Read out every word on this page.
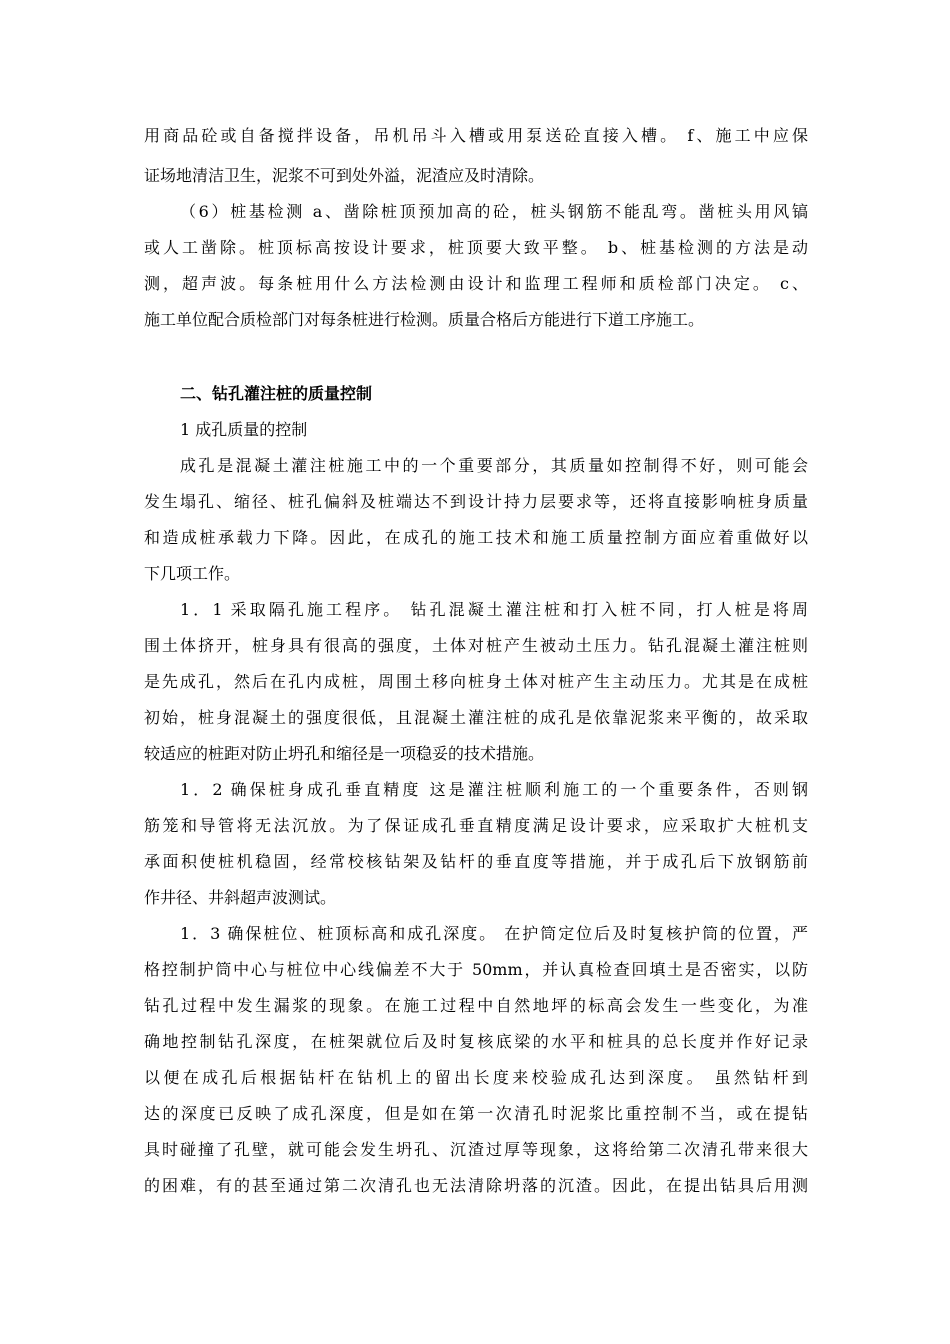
用商品砼或自备搅拌设备，吊机吊斗入槽或用泵送砼直接入槽。 f、施工中应保
证场地清洁卫生，泥浆不可到处外溢，泥渣应及时清除。
（6）桩基检测 a、凿除桩顶预加高的砼，桩头钢筋不能乱弯。凿桩头用风镐
或人工凿除。桩顶标高按设计要求，桩顶要大致平整。 b、桩基检测的方法是动
测，超声波。每条桩用什么方法检测由设计和监理工程师和质检部门决定。 c、
施工单位配合质检部门对每条桩进行检测。质量合格后方能进行下道工序施工。
二、钻孔灌注桩的质量控制
1 成孔质量的控制
成孔是混凝土灌注桩施工中的一个重要部分，其质量如控制得不好，则可能会
发生塌孔、缩径、桩孔偏斜及桩端达不到设计持力层要求等，还将直接影响桩身质量
和造成桩承载力下降。因此，在成孔的施工技术和施工质量控制方面应着重做好以
下几项工作。
1．1 采取隔孔施工程序。 钻孔混凝土灌注桩和打入桩不同，打人桩是将周
围土体挤开，桩身具有很高的强度，土体对桩产生被动土压力。钻孔混凝土灌注桩则
是先成孔，然后在孔内成桩，周围土移向桩身土体对桩产生主动压力。尤其是在成桩
初始，桩身混凝土的强度很低，且混凝土灌注桩的成孔是依靠泥浆来平衡的，故采取
较适应的桩距对防止坍孔和缩径是一项稳妥的技术措施。
1．2 确保桩身成孔垂直精度 这是灌注桩顺利施工的一个重要条件，否则钢
筋笼和导管将无法沉放。为了保证成孔垂直精度满足设计要求，应采取扩大桩机支
承面积使桩机稳固，经常校核钻架及钻杆的垂直度等措施，并于成孔后下放钢筋前
作井径、井斜超声波测试。
1．3 确保桩位、桩顶标高和成孔深度。 在护筒定位后及时复核护筒的位置，严
格控制护筒中心与桩位中心线偏差不大于 50mm，并认真检查回填土是否密实，以防
钻孔过程中发生漏浆的现象。在施工过程中自然地坪的标高会发生一些变化，为准
确地控制钻孔深度，在桩架就位后及时复核底梁的水平和桩具的总长度并作好记录
以便在成孔后根据钻杆在钻机上的留出长度来校验成孔达到深度。 虽然钻杆到
达的深度已反映了成孔深度，但是如在第一次清孔时泥浆比重控制不当，或在提钻
具时碰撞了孔壁，就可能会发生坍孔、沉渣过厚等现象，这将给第二次清孔带来很大
的困难，有的甚至通过第二次清孔也无法清除坍落的沉渣。因此，在提出钻具后用测
